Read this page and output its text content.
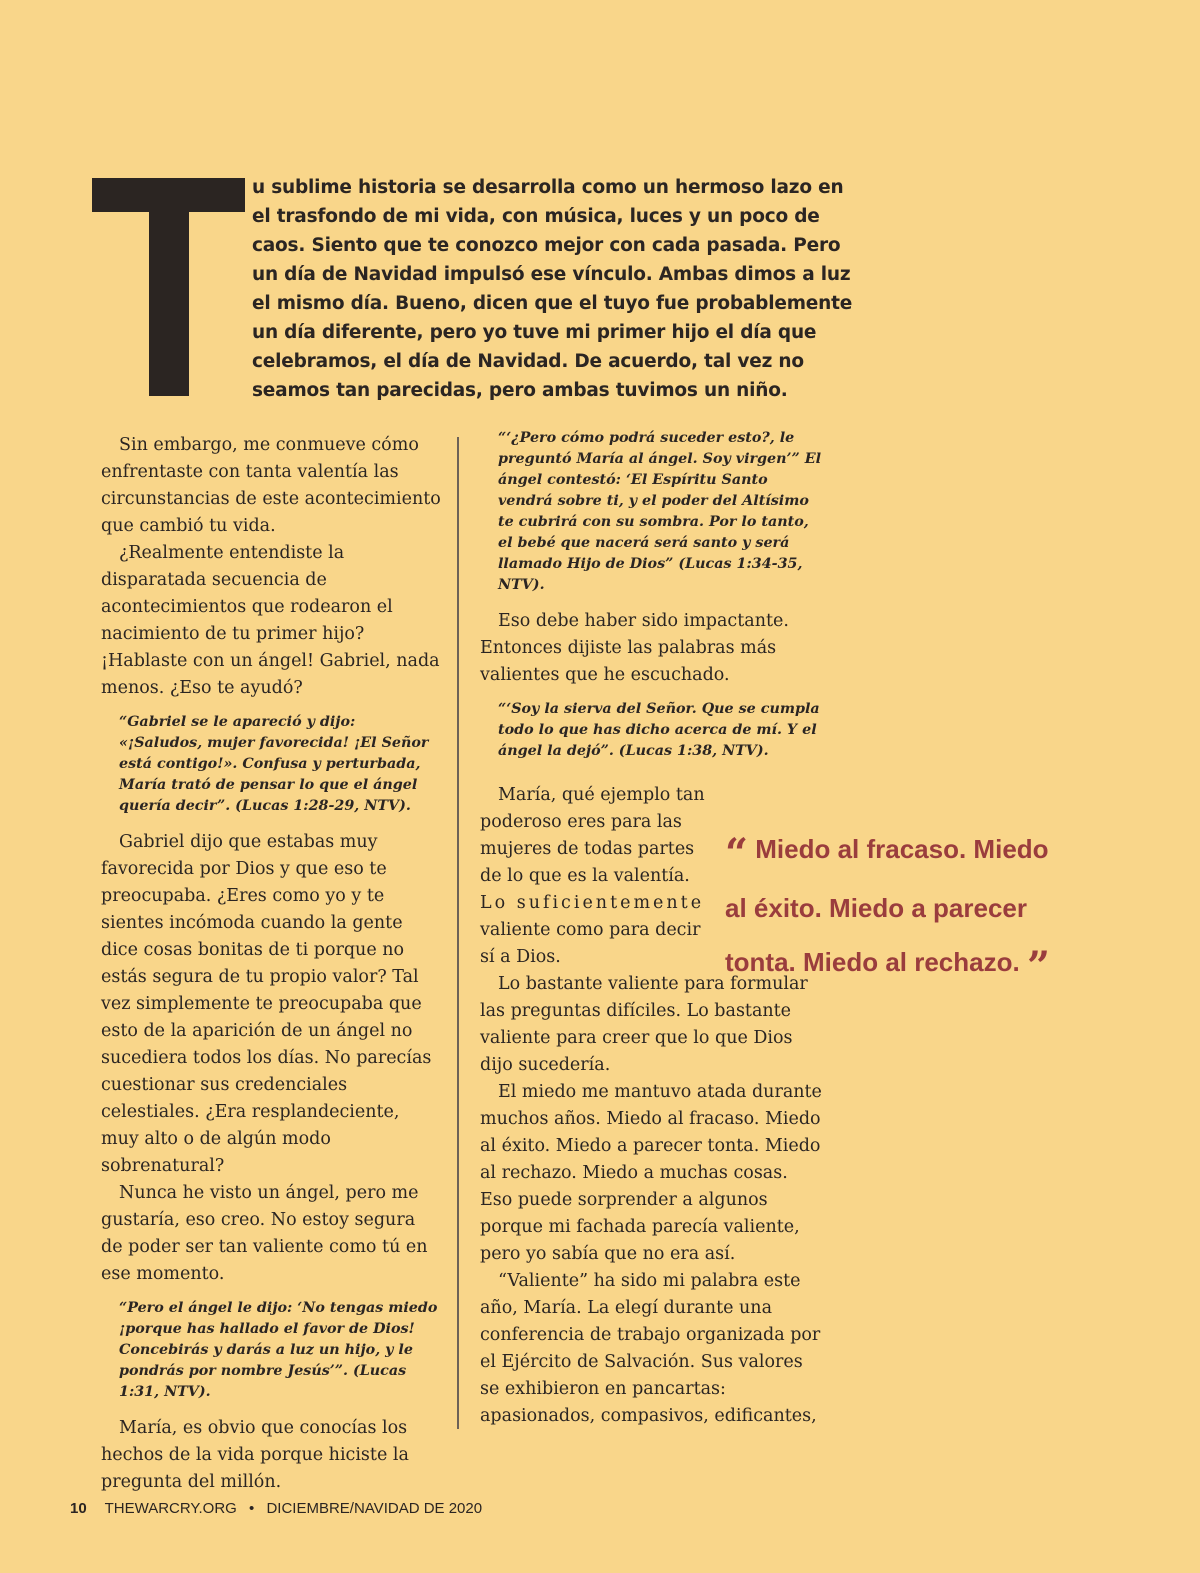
u sublime historia se desarrolla como un hermoso lazo en
el trasfondo de mi vida, con música, luces y un poco de
caos. Siento que te conozco mejor con cada pasada. Pero
un día de Navidad impulsó ese vínculo. Ambas dimos a luz
el mismo día. Bueno, dicen que el tuyo fue probablemente
un día diferente, pero yo tuve mi primer hijo el día que
celebramos, el día de Navidad. De acuerdo, tal vez no
seamos tan parecidas, pero ambas tuvimos un niño.

Sin embargo, me conmueve cómo enfrentaste con tanta valentía las circunstancias de este acontecimiento que cambió tu vida.

¿Realmente entendiste la disparatada secuencia de acontecimientos que rodearon el nacimiento de tu primer hijo? ¡Hablaste con un ángel! Gabriel, nada menos. ¿Eso te ayudó?

“Gabriel se le apareció y dijo: «¡Saludos, mujer favorecida! ¡El Señor está contigo!». Confusa y perturbada, María trató de pensar lo que el ángel quería decir”. (Lucas 1:28-29, NTV).

Gabriel dijo que estabas muy favorecida por Dios y que eso te preocupaba. ¿Eres como yo y te sientes incómoda cuando la gente dice cosas bonitas de ti porque no estás segura de tu propio valor? Tal vez simplemente te preocupaba que esto de la aparición de un ángel no sucediera todos los días. No parecías cuestionar sus credenciales celestiales. ¿Era resplandeciente, muy alto o de algún modo sobrenatural?

Nunca he visto un ángel, pero me gustaría, eso creo. No estoy segura de poder ser tan valiente como tú en ese momento.

“Pero el ángel le dijo: ‘No tengas miedo ¡porque has hallado el favor de Dios! Concebirás y darás a luz un hijo, y le pondrás por nombre Jesús’”. (Lucas 1:31, NTV).

María, es obvio que conocías los hechos de la vida porque hiciste la pregunta del millón.

“‘¿Pero cómo podrá suceder esto?, le preguntó María al ángel. Soy virgen’” El ángel contestó: ‘El Espíritu Santo vendrá sobre ti, y el poder del Altísimo te cubrirá con su sombra. Por lo tanto, el bebé que nacerá será santo y será llamado Hijo de Dios” (Lucas 1:34-35, NTV).

Eso debe haber sido impactante. Entonces dijiste las palabras más valientes que he escuchado.

“‘Soy la sierva del Señor. Que se cumpla todo lo que has dicho acerca de mí. Y el ángel la dejó”. (Lucas 1:38, NTV).

María, qué ejemplo tan
poderoso eres para las
mujeres de todas partes
de lo que es la valentía.
Lo suficientemente
valiente como para decir
sí a Dios.

Lo bastante valiente para formular las preguntas difíciles. Lo bastante valiente para creer que lo que Dios dijo sucedería.

El miedo me mantuvo atada durante muchos años. Miedo al fracaso. Miedo al éxito. Miedo a parecer tonta. Miedo al rechazo. Miedo a muchas cosas. Eso puede sorprender a algunos porque mi fachada parecía valiente, pero yo sabía que no era así.

“Valiente” ha sido mi palabra este año, María. La elegí durante una conferencia de trabajo organizada por el Ejército de Salvación. Sus valores se exhibieron en pancartas: apasionados, compasivos, edificantes,

“ Miedo al fracaso. Miedo
al éxito. Miedo a parecer
tonta. Miedo al rechazo. ”
10 THEWARCRY.ORG • DICIEMBRE/NAVIDAD DE 2020
